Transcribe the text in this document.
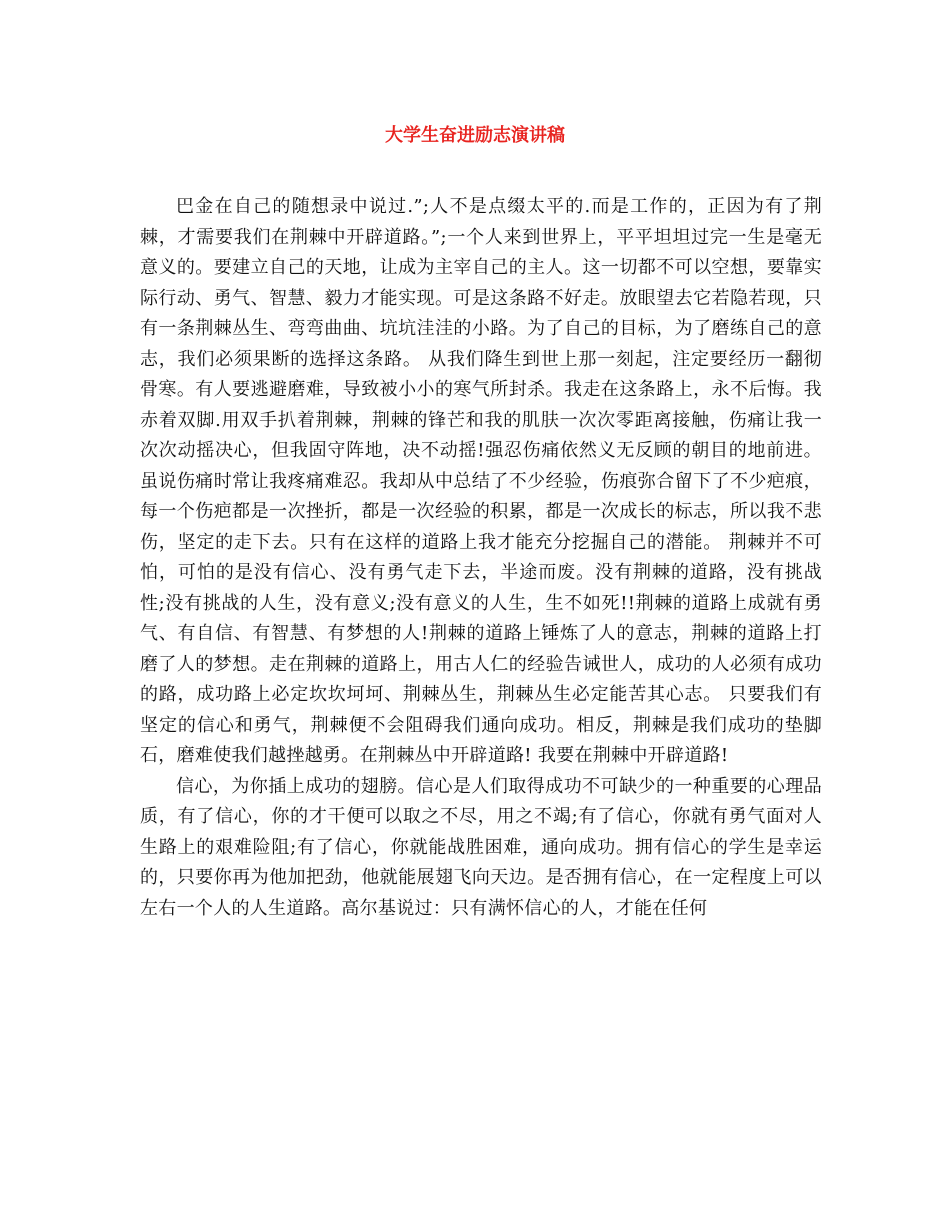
大学生奋进励志演讲稿

巴金在自己的随想录中说过.”;人不是点缀太平的.而是工作的，正因为有了荆棘，才需要我们在荆棘中开辟道路。”;一个人来到世界上，平平坦坦过完一生是毫无意义的。要建立自己的天地，让成为主宰自己的主人。这一切都不可以空想，要靠实际行动、勇气、智慧、毅力才能实现。可是这条路不好走。放眼望去它若隐若现，只有一条荆棘丛生、弯弯曲曲、坑坑洼洼的小路。为了自己的目标，为了磨练自己的意志，我们必须果断的选择这条路。 从我们降生到世上那一刻起，注定要经历一翻彻骨寒。有人要逃避磨难，导致被小小的寒气所封杀。我走在这条路上，永不后悔。我赤着双脚.用双手扒着荆棘，荆棘的锋芒和我的肌肤一次次零距离接触，伤痛让我一次次动摇决心，但我固守阵地，决不动摇!强忍伤痛依然义无反顾的朝目的地前进。虽说伤痛时常让我疼痛难忍。我却从中总结了不少经验，伤痕弥合留下了不少疤痕，每一个伤疤都是一次挫折，都是一次经验的积累，都是一次成长的标志，所以我不悲伤，坚定的走下去。只有在这样的道路上我才能充分挖掘自己的潜能。 荆棘并不可怕，可怕的是没有信心、没有勇气走下去，半途而废。没有荆棘的道路，没有挑战性;没有挑战的人生，没有意义;没有意义的人生，生不如死!!荆棘的道路上成就有勇气、有自信、有智慧、有梦想的人!荆棘的道路上锤炼了人的意志，荆棘的道路上打磨了人的梦想。走在荆棘的道路上，用古人仁的经验告诫世人，成功的人必须有成功的路，成功路上必定坎坎坷坷、荆棘丛生，荆棘丛生必定能苦其心志。 只要我们有坚定的信心和勇气，荆棘便不会阻碍我们通向成功。相反，荆棘是我们成功的垫脚石，磨难使我们越挫越勇。在荆棘丛中开辟道路! 我要在荆棘中开辟道路!

信心，为你插上成功的翅膀。信心是人们取得成功不可缺少的一种重要的心理品质，有了信心，你的才干便可以取之不尽，用之不竭;有了信心，你就有勇气面对人生路上的艰难险阻;有了信心，你就能战胜困难，通向成功。拥有信心的学生是幸运的，只要你再为他加把劲，他就能展翅飞向天边。是否拥有信心，在一定程度上可以左右一个人的人生道路。高尔基说过：只有满怀信心的人，才能在任何
